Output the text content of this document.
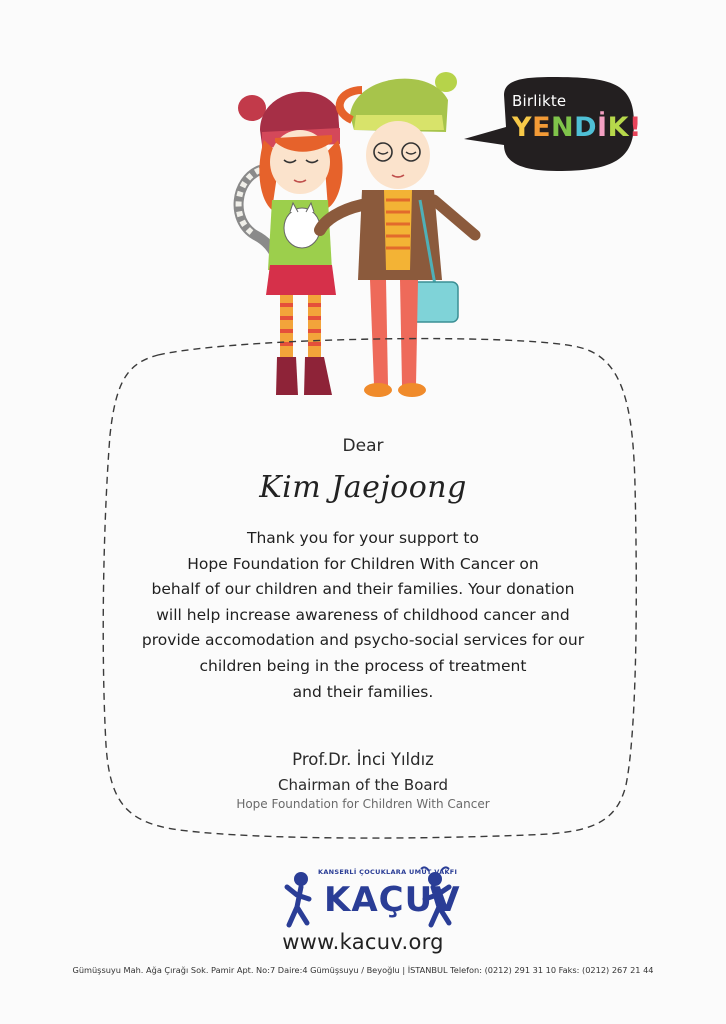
Birlikte
YENDİK!
Dear
Kim Jaejoong
Thank you for your support to
Hope Foundation for Children With Cancer on
behalf of our children and their families. Your donation
will help increase awareness of childhood cancer and
provide accomodation and psycho-social services for our
children being in the process of treatment
and their families.
Prof.Dr. İnci Yıldız
Chairman of the Board
Hope Foundation for Children With Cancer
KANSERLİ ÇOCUKLARA UMUT VAKFI
KAÇUV
www.kacuv.org
Gümüşsuyu Mah. Ağa Çırağı Sok. Pamir Apt. No:7 Daire:4 Gümüşsuyu / Beyoğlu | İSTANBUL Telefon: (0212) 291 31 10 Faks: (0212) 267 21 44
